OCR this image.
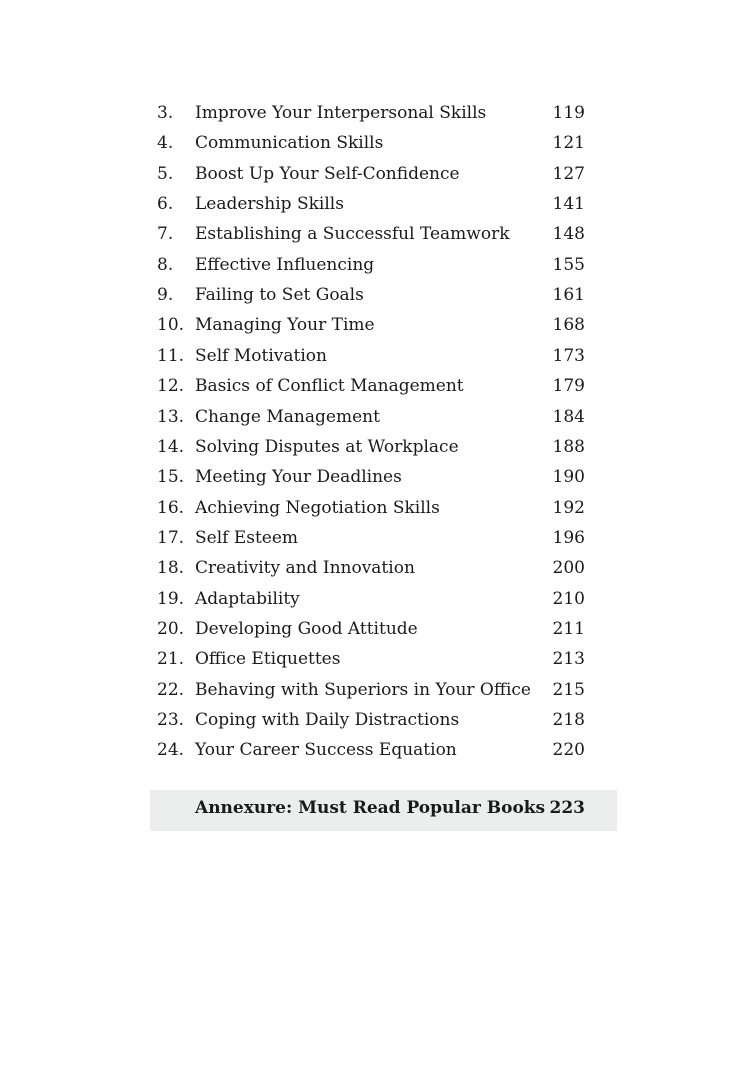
3. Improve Your Interpersonal Skills	119
4. Communication Skills	121
5. Boost Up Your Self-Confidence	127
6. Leadership Skills	141
7. Establishing a Successful Teamwork	148
8. Effective Influencing	155
9. Failing to Set Goals	161
10. Managing Your Time	168
11. Self Motivation	173
12. Basics of Conflict Management	179
13. Change Management	184
14. Solving Disputes at Workplace	188
15. Meeting Your Deadlines	190
16. Achieving Negotiation Skills	192
17. Self Esteem	196
18. Creativity and Innovation	200
19. Adaptability	210
20. Developing Good Attitude	211
21. Office Etiquettes	213
22. Behaving with Superiors in Your Office	215
23. Coping with Daily Distractions	218
24. Your Career Success Equation	220
Annexure: Must Read Popular Books 223
